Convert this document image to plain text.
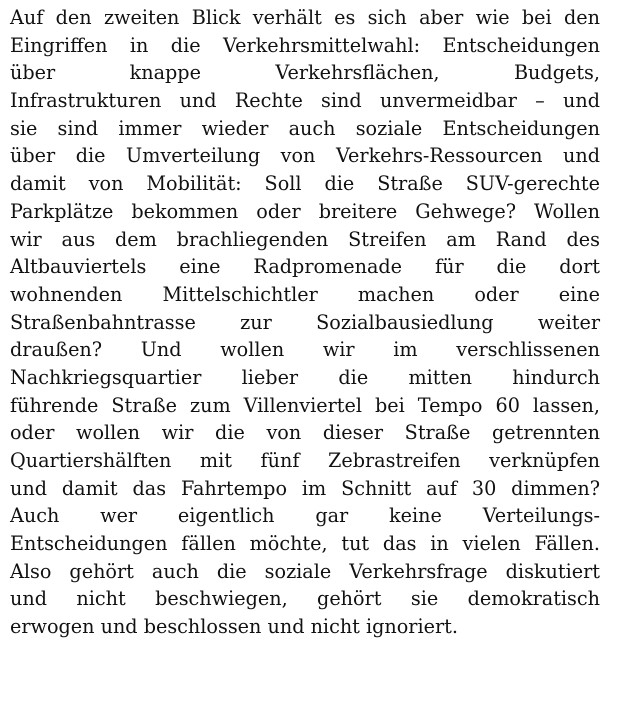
Auf den zweiten Blick verhält es sich aber wie bei den
Eingriffen in die Verkehrsmittelwahl: Entscheidungen
über knappe Verkehrsflächen, Budgets,
Infrastrukturen und Rechte sind unvermeidbar – und
sie sind immer wieder auch soziale Entscheidungen
über die Umverteilung von Verkehrs-Ressourcen und
damit von Mobilität: Soll die Straße SUV-gerechte
Parkplätze bekommen oder breitere Gehwege? Wollen
wir aus dem brachliegenden Streifen am Rand des
Altbauviertels eine Radpromenade für die dort
wohnenden Mittelschichtler machen oder eine
Straßenbahntrasse zur Sozialbausiedlung weiter
draußen? Und wollen wir im verschlissenen
Nachkriegsquartier lieber die mitten hindurch
führende Straße zum Villenviertel bei Tempo 60 lassen,
oder wollen wir die von dieser Straße getrennten
Quartiershälften mit fünf Zebrastreifen verknüpfen
und damit das Fahrtempo im Schnitt auf 30 dimmen?
Auch wer eigentlich gar keine Verteilungs-
Entscheidungen fällen möchte, tut das in vielen Fällen.
Also gehört auch die soziale Verkehrsfrage diskutiert
und nicht beschwiegen, gehört sie demokratisch
erwogen und beschlossen und nicht ignoriert.
